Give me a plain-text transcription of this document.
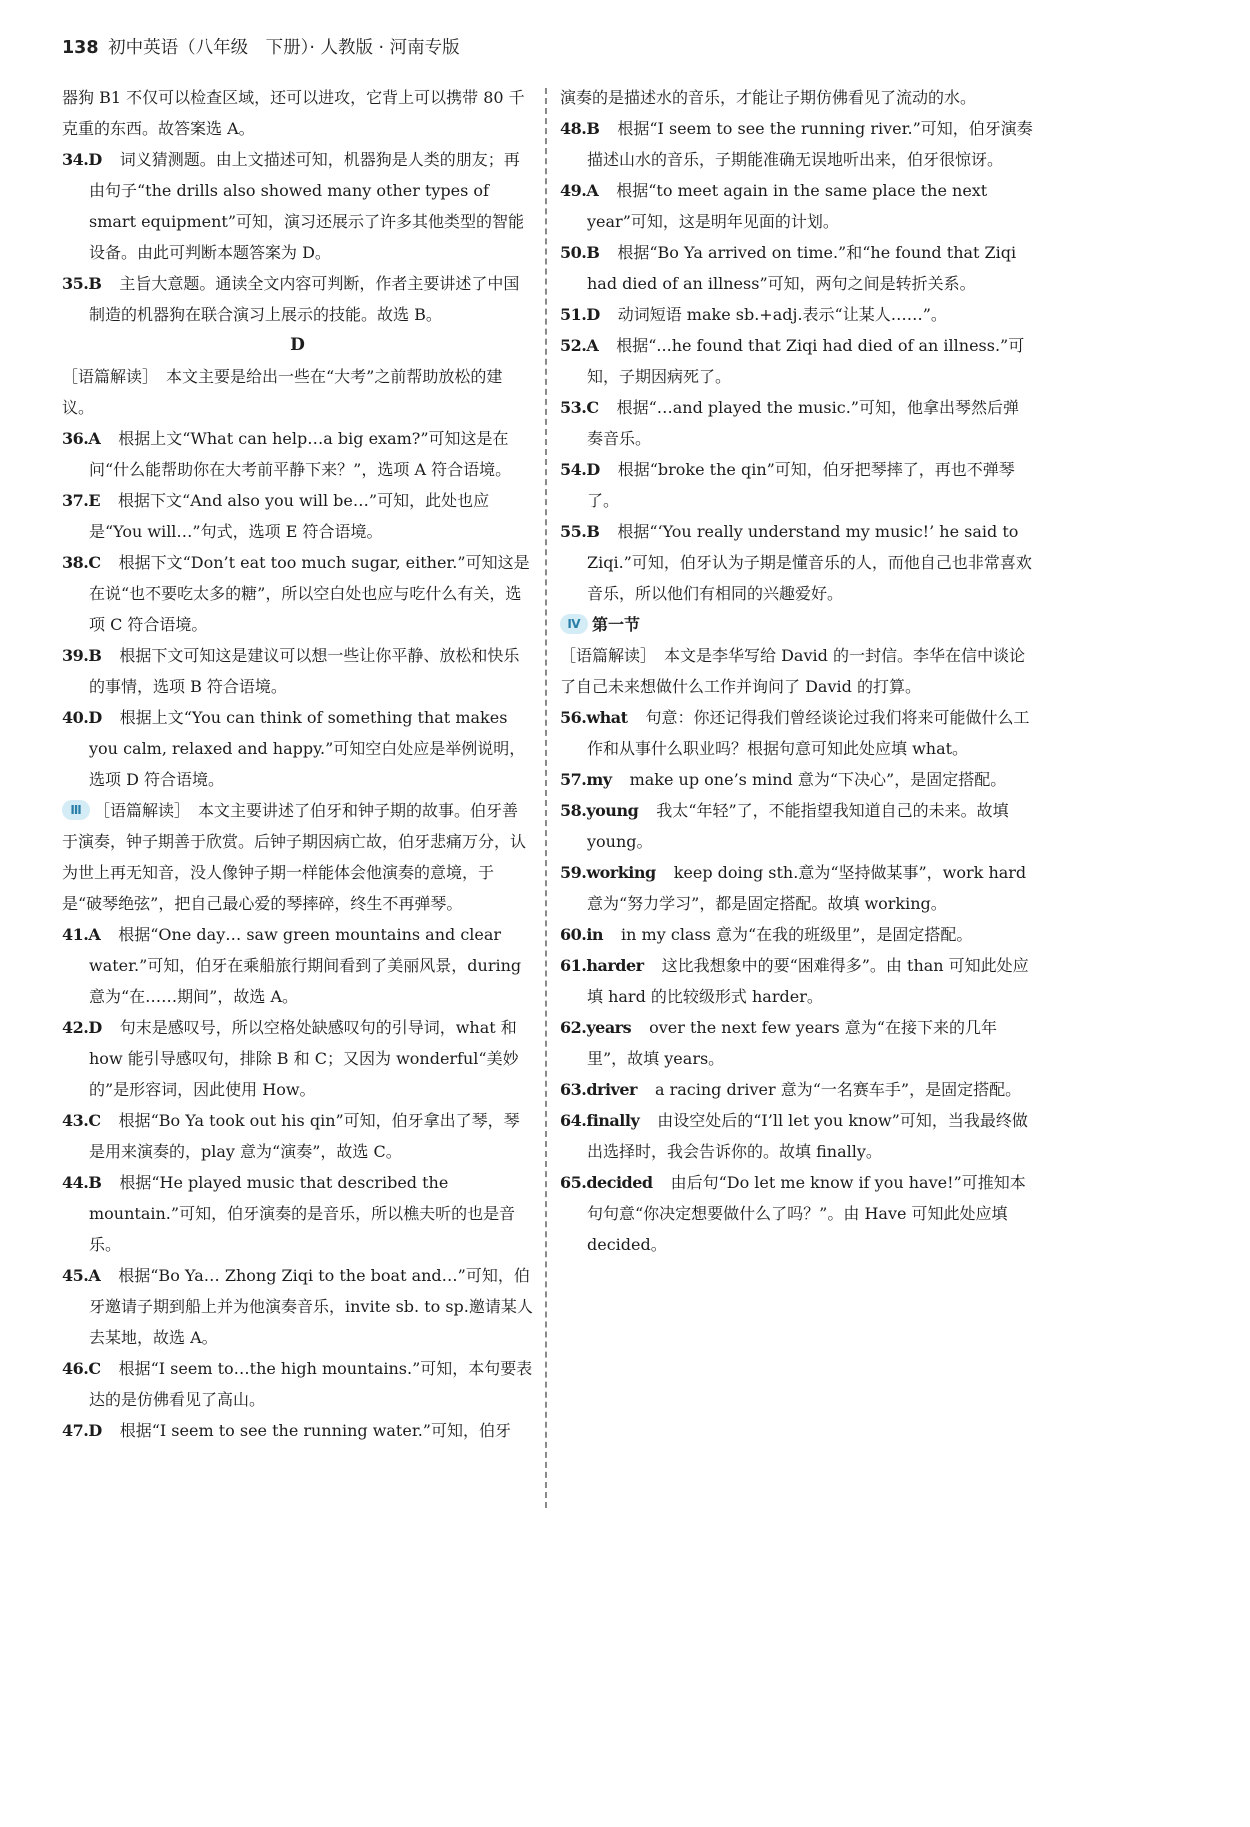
138 初中英语（八年级　下册）· 人教版 · 河南专版
器狗 B1 不仅可以检查区域，还可以进攻，它背上可以携带 80 千克重的东西。故答案选 A。
34.D 词义猜测题。由上文描述可知，机器狗是人类的朋友；再由句子“the drills also showed many other types of smart equipment”可知，演习还展示了许多其他类型的智能设备。由此可判断本题答案为 D。
35.B 主旨大意题。通读全文内容可判断，作者主要讲述了中国制造的机器狗在联合演习上展示的技能。故选 B。
D
［语篇解读］　本文主要是给出一些在“大考”之前帮助放松的建议。
36.A 根据上文“What can help…a big exam?”可知这是在问“什么能帮助你在大考前平静下来？”，选项 A 符合语境。
37.E 根据下文“And also you will be…”可知，此处也应是“You will…”句式，选项 E 符合语境。
38.C 根据下文“Don’t eat too much sugar, either.”可知这是在说“也不要吃太多的糖”，所以空白处也应与吃什么有关，选项 C 符合语境。
39.B 根据下文可知这是建议可以想一些让你平静、放松和快乐的事情，选项 B 符合语境。
40.D 根据上文“You can think of something that makes you calm, relaxed and happy.”可知空白处应是举例说明，选项 D 符合语境。
Ⅲ ［语篇解读］　本文主要讲述了伯牙和钟子期的故事。伯牙善于演奏，钟子期善于欣赏。后钟子期因病亡故，伯牙悲痛万分，认为世上再无知音，没人像钟子期一样能体会他演奏的意境，于是“破琴绝弦”，把自己最心爱的琴摔碎，终生不再弹琴。
41.A 根据“One day… saw green mountains and clear water.”可知，伯牙在乘船旅行期间看到了美丽风景，during 意为“在……期间”，故选 A。
42.D 句末是感叹号，所以空格处缺感叹句的引导词，what 和 how 能引导感叹句，排除 B 和 C；又因为 wonderful“美妙的”是形容词，因此使用 How。
43.C 根据“Bo Ya took out his qin”可知，伯牙拿出了琴，琴是用来演奏的，play 意为“演奏”，故选 C。
44.B 根据“He played music that described the mountain.”可知，伯牙演奏的是音乐，所以樵夫听的也是音乐。
45.A 根据“Bo Ya… Zhong Ziqi to the boat and…”可知，伯牙邀请子期到船上并为他演奏音乐，invite sb. to sp.邀请某人去某地，故选 A。
46.C 根据“I seem to…the high mountains.”可知，本句要表达的是仿佛看见了高山。
47.D 根据“I seem to see the running water.”可知，伯牙
演奏的是描述水的音乐，才能让子期仿佛看见了流动的水。
48.B 根据“I seem to see the running river.”可知，伯牙演奏描述山水的音乐，子期能准确无误地听出来，伯牙很惊讶。
49.A 根据“to meet again in the same place the next year”可知，这是明年见面的计划。
50.B 根据“Bo Ya arrived on time.”和“he found that Ziqi had died of an illness”可知，两句之间是转折关系。
51.D 动词短语 make sb.+adj.表示“让某人……”。
52.A 根据“...he found that Ziqi had died of an illness.”可知，子期因病死了。
53.C 根据“…and played the music.”可知，他拿出琴然后弹奏音乐。
54.D 根据“broke the qin”可知，伯牙把琴摔了，再也不弹琴了。
55.B 根据“‘You really understand my music!’ he said to Ziqi.”可知，伯牙认为子期是懂音乐的人，而他自己也非常喜欢音乐，所以他们有相同的兴趣爱好。
Ⅳ 第一节
［语篇解读］　本文是李华写给 David 的一封信。李华在信中谈论了自己未来想做什么工作并询问了 David 的打算。
56.what 句意：你还记得我们曾经谈论过我们将来可能做什么工作和从事什么职业吗？根据句意可知此处应填 what。
57.my make up one’s mind 意为“下决心”，是固定搭配。
58.young 我太“年轻”了，不能指望我知道自己的未来。故填 young。
59.working keep doing sth.意为“坚持做某事”，work hard 意为“努力学习”，都是固定搭配。故填 working。
60.in in my class 意为“在我的班级里”，是固定搭配。
61.harder 这比我想象中的要“困难得多”。由 than 可知此处应填 hard 的比较级形式 harder。
62.years over the next few years 意为“在接下来的几年里”，故填 years。
63.driver a racing driver 意为“一名赛车手”，是固定搭配。
64.finally 由设空处后的“I’ll let you know”可知，当我最终做出选择时，我会告诉你的。故填 finally。
65.decided 由后句“Do let me know if you have!”可推知本句句意“你决定想要做什么了吗？”。由 Have 可知此处应填 decided。
